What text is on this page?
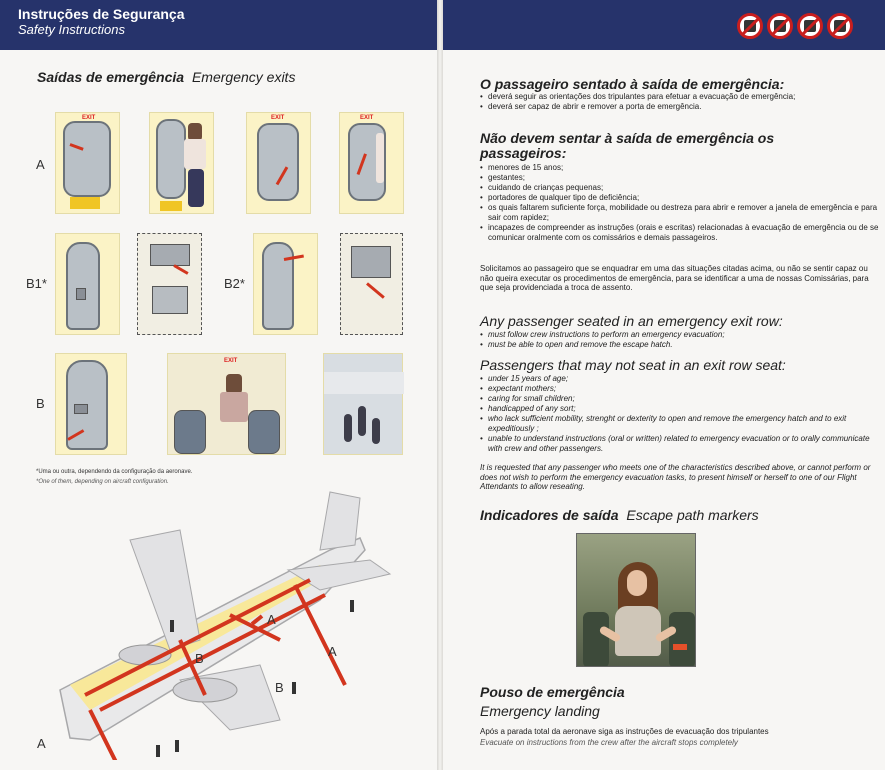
Instruções de Segurança
Safety Instructions
Saídas de emergência Emergency exits
A
B1*	B2*
B
EXIT	EXIT	EXIT
EXIT
*Uma ou outra, dependendo da configuração da aeronave.
*One of them, depending on aircraft configuration.
A
A
B
B
A
O passageiro sentado à saída de emergência:
• deverá seguir as orientações dos tripulantes para efetuar a evacuação de emergência;
• deverá ser capaz de abrir e remover a porta de emergência.
Não devem sentar à saída de emergência os passageiros:
• menores de 15 anos;
• gestantes;
• cuidando de crianças pequenas;
• portadores de qualquer tipo de deficiência;
• os quais faltarem suficiente força, mobilidade ou destreza para abrir e remover a janela de emergência e para sair com rapidez;
• incapazes de compreender as instruções (orais e escritas) relacionadas à evacuação de emergência ou de se comunicar oralmente com os comissários e demais passageiros.
Solicitamos ao passageiro que se enquadrar em uma das situações citadas acima, ou não se sentir capaz ou não queira executar os procedimentos de emergência, para se identificar a uma de nossas Comissárias, para que seja providenciada a troca de assento.
Any passenger seated in an emergency exit row:
• must follow crew instructions to perform an emergency evacuation;
• must be able to open and remove the escape hatch.
Passengers that may not seat in an exit row seat:
• under 15 years of age;
• expectant mothers;
• caring for small children;
• handicapped of any sort;
• who lack sufficient mobility, strenght or dexterity to open and remove the emergency hatch and to exit expeditiously ;
• unable to understand instructions (oral or written) related to emergency evacuation or to orally communicate with crew and other passengers.
It is requested that any passenger who meets one of the characteristics described above, or cannot perform or does not wish to perform the emergency evacuation tasks, to present himself or herself to one of our Flight Attendants to allow reseating.
Indicadores de saída Escape path markers
Pouso de emergência
Emergency landing
Após a parada total da aeronave siga as instruções de evacuação dos tripulantes
Evacuate on instructions from the crew after the aircraft stops completely
